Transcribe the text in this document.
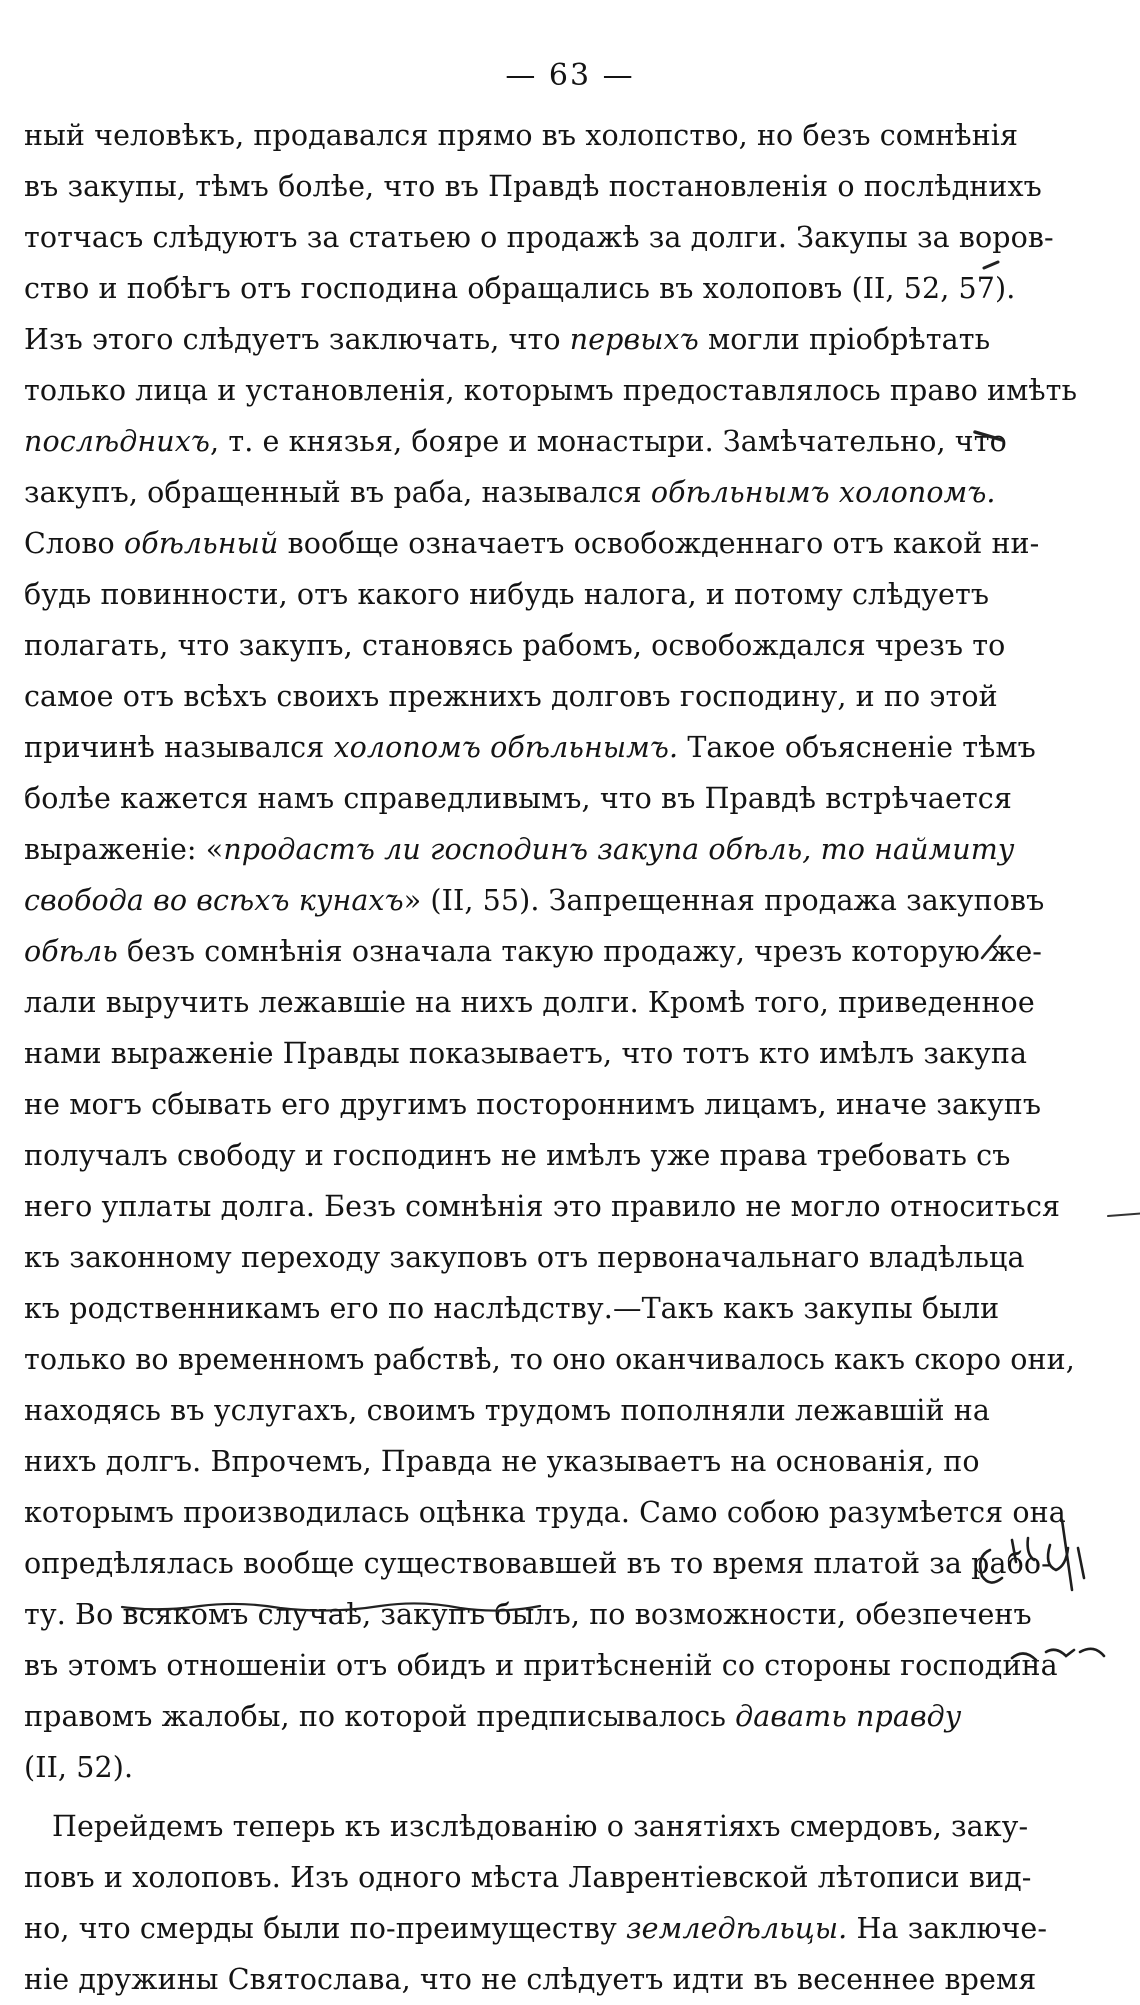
— 63 —
ный человѣкъ, продавался прямо въ холопство, но безъ сомнѣнія
въ закупы, тѣмъ болѣе, что въ Правдѣ постановленія о послѣднихъ
тотчасъ слѣдуютъ за статьею о продажѣ за долги. Закупы за воров-
ство и побѣгъ отъ господина обращались въ холоповъ (II, 52, 57).
Изъ этого слѣдуетъ заключать, что первыхъ могли пріобрѣтать
только лица и установленія, которымъ предоставлялось право имѣть
послѣднихъ, т. е князья, бояре и монастыри. Замѣчательно, что
закупъ, обращенный въ раба, назывался обѣльнымъ холопомъ.
Слово обѣльный вообще означаетъ освобожденнаго отъ какой ни-
будь повинности, отъ какого нибудь налога, и потому слѣдуетъ
полагать, что закупъ, становясь рабомъ, освобождался чрезъ то
самое отъ всѣхъ своихъ прежнихъ долговъ господину, и по этой
причинѣ назывался холопомъ обѣльнымъ. Такое объясненіе тѣмъ
болѣе кажется намъ справедливымъ, что въ Правдѣ встрѣчается
выраженіе: «продастъ ли господинъ закупа обѣль, то наймиту
свобода во всѣхъ кунахъ» (II, 55). Запрещенная продажа закуповъ
обѣль безъ сомнѣнія означала такую продажу, чрезъ которую же-
лали выручить лежавшіе на нихъ долги. Кромѣ того, приведенное
нами выраженіе Правды показываетъ, что тотъ кто имѣлъ закупа
не могъ сбывать его другимъ постороннимъ лицамъ, иначе закупъ
получалъ свободу и господинъ не имѣлъ уже права требовать съ
него уплаты долга. Безъ сомнѣнія это правило не могло относиться
къ законному переходу закуповъ отъ первоначальнаго владѣльца
къ родственникамъ его по наслѣдству.—Такъ какъ закупы были
только во временномъ рабствѣ, то оно оканчивалось какъ скоро они,
находясь въ услугахъ, своимъ трудомъ пополняли лежавшій на
нихъ долгъ. Впрочемъ, Правда не указываетъ на основанія, по
которымъ производилась оцѣнка труда. Само собою разумѣется она
опредѣлялась вообще существовавшей въ то время платой за рабо-
ту. Во всякомъ случаѣ, закупъ былъ, по возможности, обезпеченъ
въ этомъ отношеніи отъ обидъ и притѣсненій со стороны господина
правомъ жалобы, по которой предписывалось давать правду
(II, 52).
Перейдемъ теперь къ изслѣдованію о занятіяхъ смердовъ, заку-
повъ и холоповъ. Изъ одного мѣста Лаврентіевской лѣтописи вид-
но, что смерды были по-преимуществу земледѣльцы. На заключе-
ніе дружины Святослава, что не слѣдуетъ идти въ весеннее время
